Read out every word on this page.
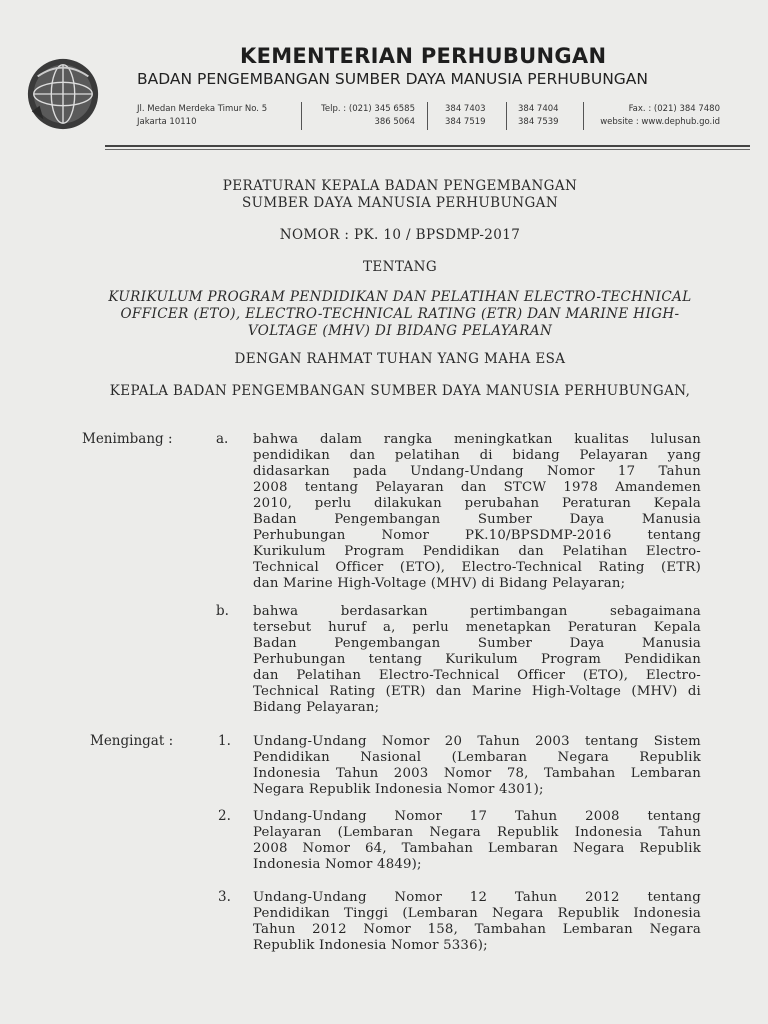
KEMENTERIAN PERHUBUNGAN
BADAN PENGEMBANGAN SUMBER DAYA MANUSIA PERHUBUNGAN
Jl. Medan Merdeka Timur No. 5
Jakarta 10110
Telp. : (021) 345 6585
386 5064
384 7403
384 7519
384 7404
384 7539
Fax. : (021) 384 7480
website : www.dephub.go.id
PERATURAN KEPALA BADAN PENGEMBANGAN
SUMBER DAYA MANUSIA PERHUBUNGAN
NOMOR : PK. 10 / BPSDMP-2017
TENTANG
KURIKULUM PROGRAM PENDIDIKAN DAN PELATIHAN ELECTRO-TECHNICAL
OFFICER (ETO), ELECTRO-TECHNICAL RATING (ETR) DAN MARINE HIGH-
VOLTAGE (MHV) DI BIDANG PELAYARAN
DENGAN RAHMAT TUHAN YANG MAHA ESA
KEPALA BADAN PENGEMBANGAN SUMBER DAYA MANUSIA PERHUBUNGAN,
Menimbang :	a. bahwa dalam rangka meningkatkan kualitas lulusan
pendidikan dan pelatihan di bidang Pelayaran yang
didasarkan pada Undang-Undang Nomor 17 Tahun
2008 tentang Pelayaran dan STCW 1978 Amandemen
2010, perlu dilakukan perubahan Peraturan Kepala
Badan Pengembangan Sumber Daya Manusia
Perhubungan Nomor PK.10/BPSDMP-2016 tentang
Kurikulum Program Pendidikan dan Pelatihan Electro-
Technical Officer (ETO), Electro-Technical Rating (ETR)
dan Marine High-Voltage (MHV) di Bidang Pelayaran;
b. bahwa berdasarkan pertimbangan sebagaimana
tersebut huruf a, perlu menetapkan Peraturan Kepala
Badan Pengembangan Sumber Daya Manusia
Perhubungan tentang Kurikulum Program Pendidikan
dan Pelatihan Electro-Technical Officer (ETO), Electro-
Technical Rating (ETR) dan Marine High-Voltage (MHV) di
Bidang Pelayaran;
Mengingat :	1. Undang-Undang Nomor 20 Tahun 2003 tentang Sistem
Pendidikan Nasional (Lembaran Negara Republik
Indonesia Tahun 2003 Nomor 78, Tambahan Lembaran
Negara Republik Indonesia Nomor 4301);
2. Undang-Undang Nomor 17 Tahun 2008 tentang
Pelayaran (Lembaran Negara Republik Indonesia Tahun
2008 Nomor 64, Tambahan Lembaran Negara Republik
Indonesia Nomor 4849);
3. Undang-Undang Nomor 12 Tahun 2012 tentang
Pendidikan Tinggi (Lembaran Negara Republik Indonesia
Tahun 2012 Nomor 158, Tambahan Lembaran Negara
Republik Indonesia Nomor 5336);
